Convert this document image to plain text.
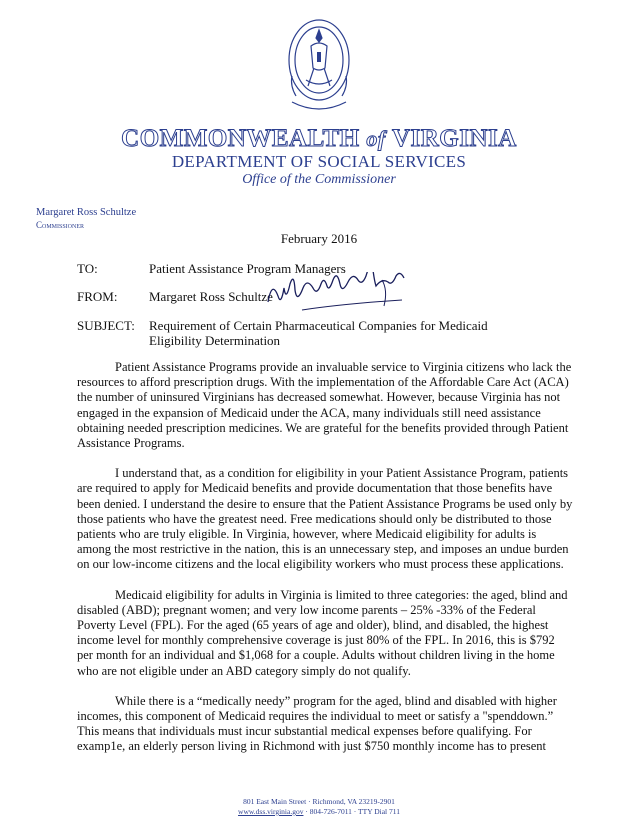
COMMONWEALTH of VIRGINIA
DEPARTMENT OF SOCIAL SERVICES
Office of the Commissioner
Margaret Ross Schultze
Commissioner
February 2016
TO:	Patient Assistance Program Managers
FROM: Margaret Ross Schultze
SUBJECT: Requirement of Certain Pharmaceutical Companies for Medicaid
Eligibility Determination

Patient Assistance Programs provide an invaluable service to Virginia citizens who lack the resources to afford prescription drugs. With the implementation of the Affordable Care Act (ACA) the number of uninsured Virginians has decreased somewhat. However, because Virginia has not engaged in the expansion of Medicaid under the ACA, many individuals still need assistance obtaining needed prescription medicines. We are grateful for the benefits provided through Patient Assistance Programs.

I understand that, as a condition for eligibility in your Patient Assistance Program, patients are required to apply for Medicaid benefits and provide documentation that those benefits have been denied. I understand the desire to ensure that the Patient Assistance Programs be used only by those patients who have the greatest need. Free medications should only be distributed to those patients who are truly eligible. In Virginia, however, where Medicaid eligibility for adults is among the most restrictive in the nation, this is an unnecessary step, and imposes an undue burden on our low-income citizens and the local eligibility workers who must process these applications.

Medicaid eligibility for adults in Virginia is limited to three categories: the aged, blind and disabled (ABD); pregnant women; and very low income parents – 25% -33% of the Federal Poverty Level (FPL). For the aged (65 years of age and older), blind, and disabled, the highest income level for monthly comprehensive coverage is just 80% of the FPL. In 2016, this is $792 per month for an individual and $1,068 for a couple. Adults without children living in the home who are not eligible under an ABD category simply do not qualify.

While there is a “medically needy” program for the aged, blind and disabled with higher incomes, this component of Medicaid requires the individual to meet or satisfy a "spenddown.” This means that individuals must incur substantial medical expenses before qualifying. For examp1e, an elderly person living in Richmond with just $750 monthly income has to present

801 East Main Street · Richmond, VA 23219-2901
www.dss.virginia.gov · 804-726-7011 · TTY Dial 711
